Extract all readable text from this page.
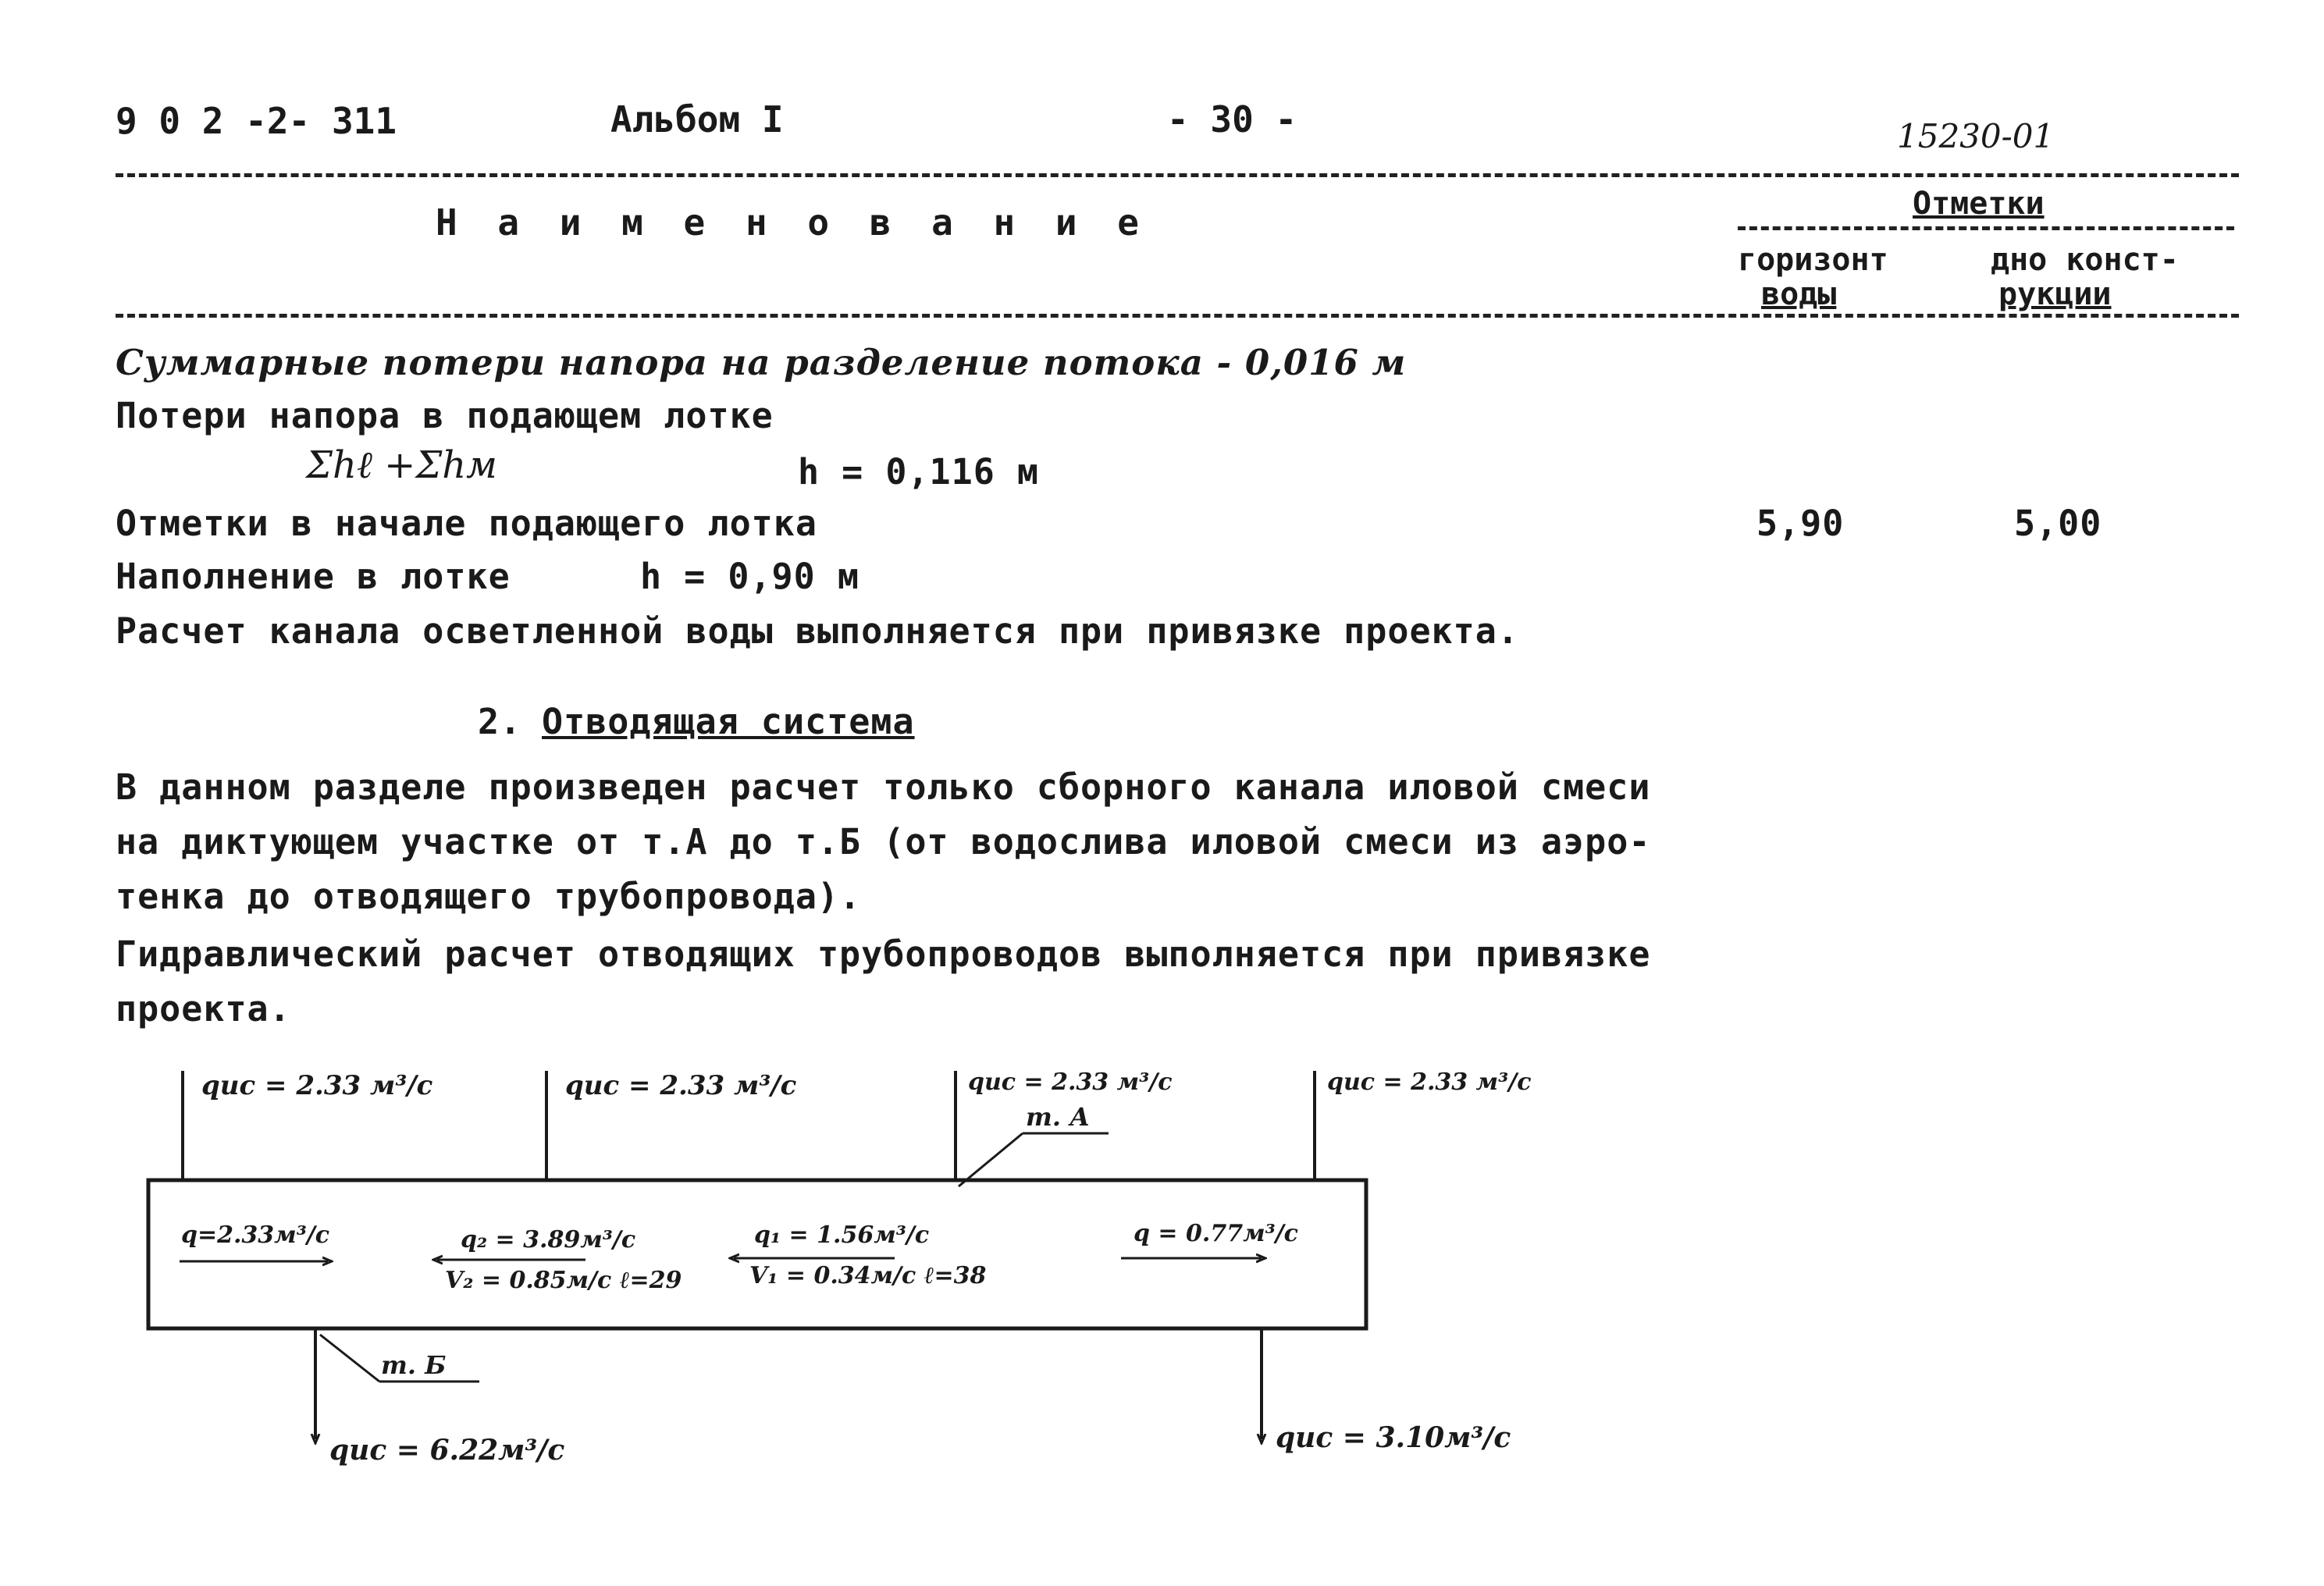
9 0 2 -2- 311	Альбом I	- 30 -	15230-01
Н а и м е н о в а н и е	Отметки
горизонт
воды
дно конст-
рукции
Суммарные потери напора на разделение потока - 0,016 м
Потери напора в подающем лотке
Σhℓ +Σhм	h = 0,116 м
Отметки в начале подающего лотка	5,90	5,00
Наполнение в лотке	h = 0,90 м
Расчет канала осветленной воды выполняется при привязке проекта.
2. Отводящая система
В данном разделе произведен расчет только сборного канала иловой смеси
на диктующем участке от т.А до т.Б (от водослива иловой смеси из аэро-
тенка до отводящего трубопровода).
Гидравлический расчет отводящих трубопроводов выполняется при привязке
проекта.
qис = 2.33 м³/с	qис = 2.33 м³/с	qис = 2.33 м³/с	qис = 2.33 м³/с
т. А
q=2.33м³/с	q₂ = 3.89м³/с
V₂ = 0.85м/с ℓ=29
q₁ = 1.56м³/с
V₁ = 0.34м/с ℓ=38
q = 0.77м³/с
т. Б
qис = 6.22м³/с	qис = 3.10м³/с
